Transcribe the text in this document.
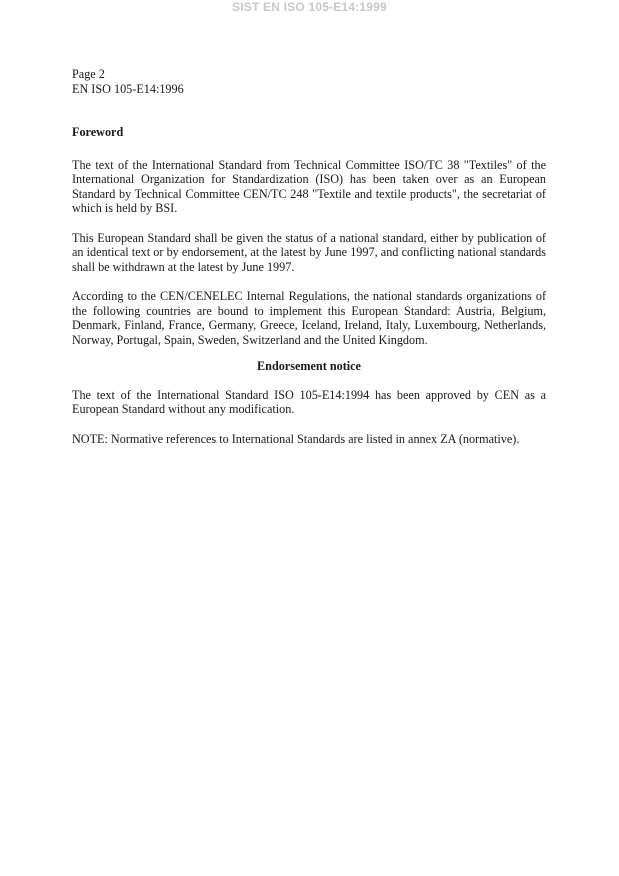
SIST EN ISO 105-E14:1999
Page 2
EN ISO 105-E14:1996
Foreword
The text of the International Standard from Technical Committee ISO/TC 38 "Textiles" of the International Organization for Standardization (ISO) has been taken over as an European Standard by Technical Committee CEN/TC 248 "Textile and textile products", the secretariat of which is held by BSI.
This European Standard shall be given the status of a national standard, either by publication of an identical text or by endorsement, at the latest by June 1997, and conflicting national standards shall be withdrawn at the latest by June 1997.
According to the CEN/CENELEC Internal Regulations, the national standards organizations of the following countries are bound to implement this European Standard: Austria, Belgium, Denmark, Finland, France, Germany, Greece, Iceland, Ireland, Italy, Luxembourg, Netherlands, Norway, Portugal, Spain, Sweden, Switzerland and the United Kingdom.
Endorsement notice
The text of the International Standard ISO 105-E14:1994 has been approved by CEN as a European Standard without any modification.
NOTE: Normative references to International Standards are listed in annex ZA (normative).
